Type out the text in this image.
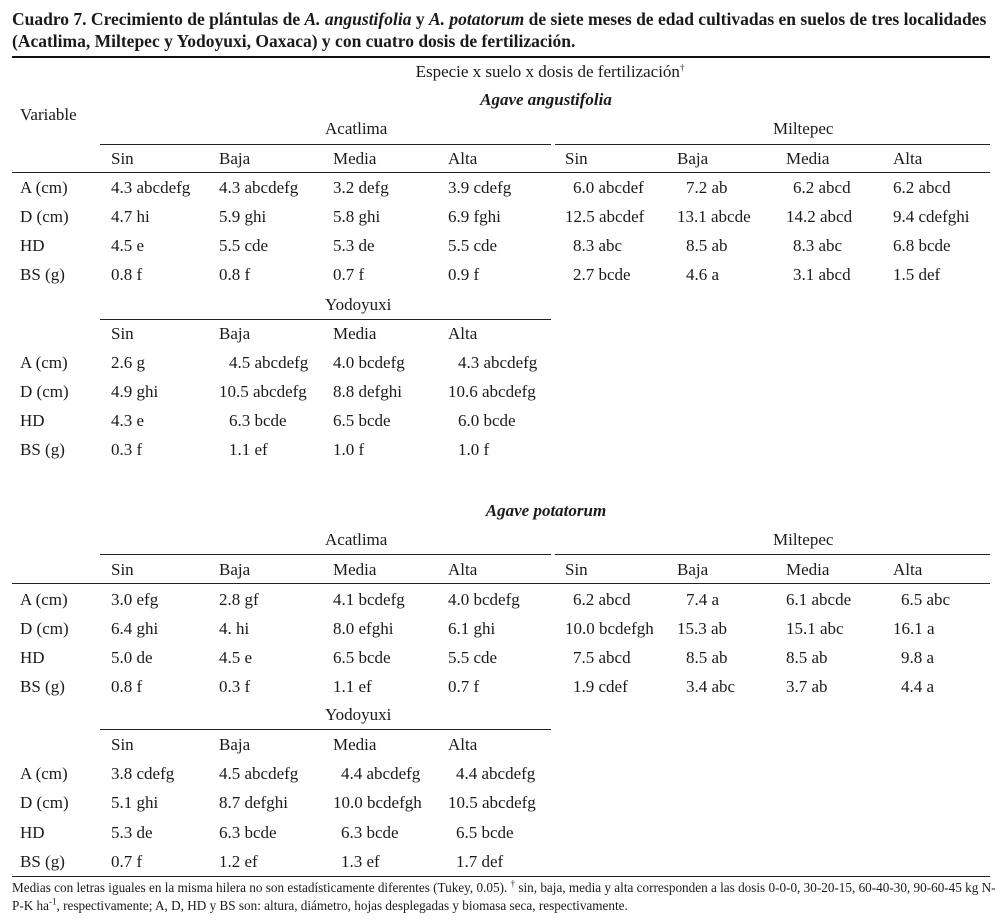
Cuadro 7. Crecimiento de plántulas de A. angustifolia y A. potatorum de siete meses de edad cultivadas en suelos de tres localidades (Acatlima, Miltepec y Yodoyuxi, Oaxaca) y con cuatro dosis de fertilización.

Especie x suelo x dosis de fertilización†
Variable
Agave angustifolia
Acatlima
Sin	Baja	Media	Alta
Miltepec
Sin	Baja	Media	Alta
A (cm)	4.3 abcdefg 4.3 abcdefg 3.2 defg	3.9 cdefg	6.0 abcdef 7.2 ab	6.2 abcd 6.2 abcd
D (cm) 4.7 hi	5.9 ghi	5.8 ghi	6.9 fghi	12.5 abcdef 13.1 abcde 14.2 abcd 9.4 cdefghi
HD	4.5 e	5.5 cde	5.3 de	5.5 cde	8.3 abc	8.5 ab	8.3 abc	6.8 bcde
BS (g)	0.8 f	0.8 f	0.7 f	0.9 f	2.7 bcde	4.6 a	3.1 abcd 1.5 def
Yodoyuxi
Sin	Baja	Media	Alta
A (cm)	2.6 g	4.5 abcdefg 4.0 bcdefg	4.3 abcdefg
D (cm) 4.9 ghi	10.5 abcdefg 8.8 defghi	10.6 abcdefg
HD	4.3 e	6.3 bcde	6.5 bcde	6.0 bcde
BS (g)	0.3 f	1.1 ef	1.0 f	1.0 f
Agave potatorum
Acatlima
Sin	Baja	Media	Alta
Miltepec
Sin	Baja	Media	Alta
A (cm)	3.0 efg	2.8 gf	4.1 bcdefg	4.0 bcdefg	6.2 abcd	7.4 a	6.1 abcde	6.5 abc
D (cm) 6.4 ghi	4. hi	8.0 efghi	6.1 ghi	10.0 bcdefgh 15.3 ab	15.1 abc	16.1 a
HD	5.0 de	4.5 e	6.5 bcde	5.5 cde	7.5 abcd	8.5 ab	8.5 ab	9.8 a
BS (g)	0.8 f	0.3 f	1.1 ef	0.7 f	1.9 cdef	3.4 abc	3.7 ab	4.4 a
Yodoyuxi
Sin	Baja	Media	Alta
A (cm)	3.8 cdefg	4.5 abcdefg	4.4 abcdefg 4.4 abcdefg
D (cm) 5.1 ghi	8.7 defghi	10.0 bcdefgh 10.5 abcdefg
HD	5.3 de	6.3 bcde	6.3 bcde	6.5 bcde
BS (g)	0.7 f	1.2 ef	1.3 ef	1.7 def

Medias con letras iguales en la misma hilera no son estadísticamente diferentes (Tukey, 0.05). † sin, baja, media y alta corresponden a las dosis 0-0-0, 30-20-15, 60-40-30, 90-60-45 kg N-P-K $ha^{-1}$, respectivamente; A, D, HD y BS son: altura, diámetro, hojas desplegadas y biomasa seca, respectivamente.
